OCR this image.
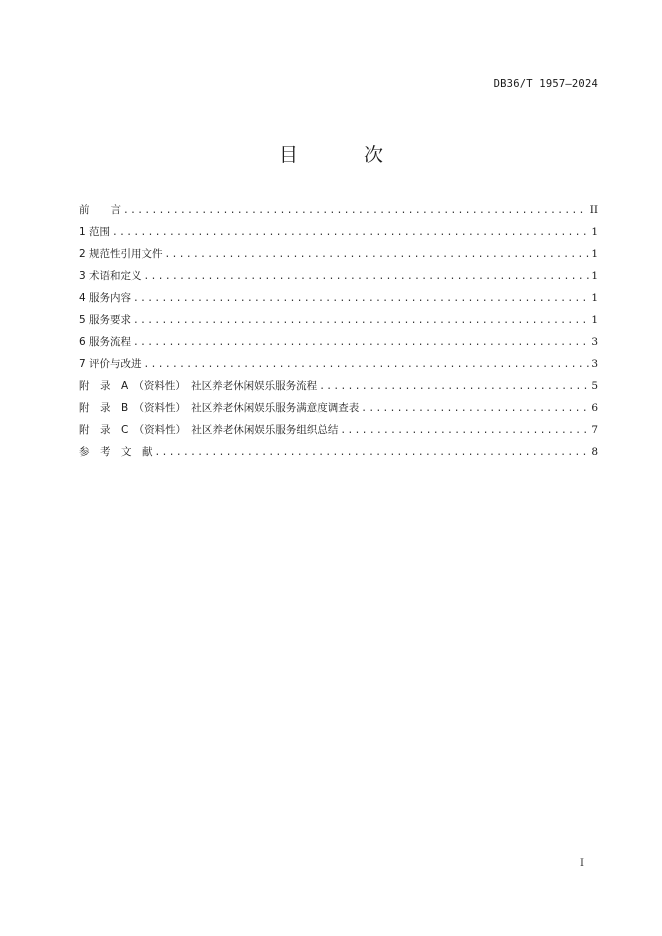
DB36/T 1957—2024
目 次
前　　言 .....	II
1 范围 .....	1
2 规范性引用文件 .....	1
3 术语和定义 .....	1
4 服务内容 .....	1
5 服务要求 .....	1
6 服务流程 .....	3
7 评价与改进 .....	3
附　录　A　（资料性）　社区养老休闲娱乐服务流程 .....	5
附　录　B　（资料性）　社区养老休闲娱乐服务满意度调查表 .....	6
附　录　C　（资料性）　社区养老休闲娱乐服务组织总结 .....	7
参　考　文　献 .....	8
I
